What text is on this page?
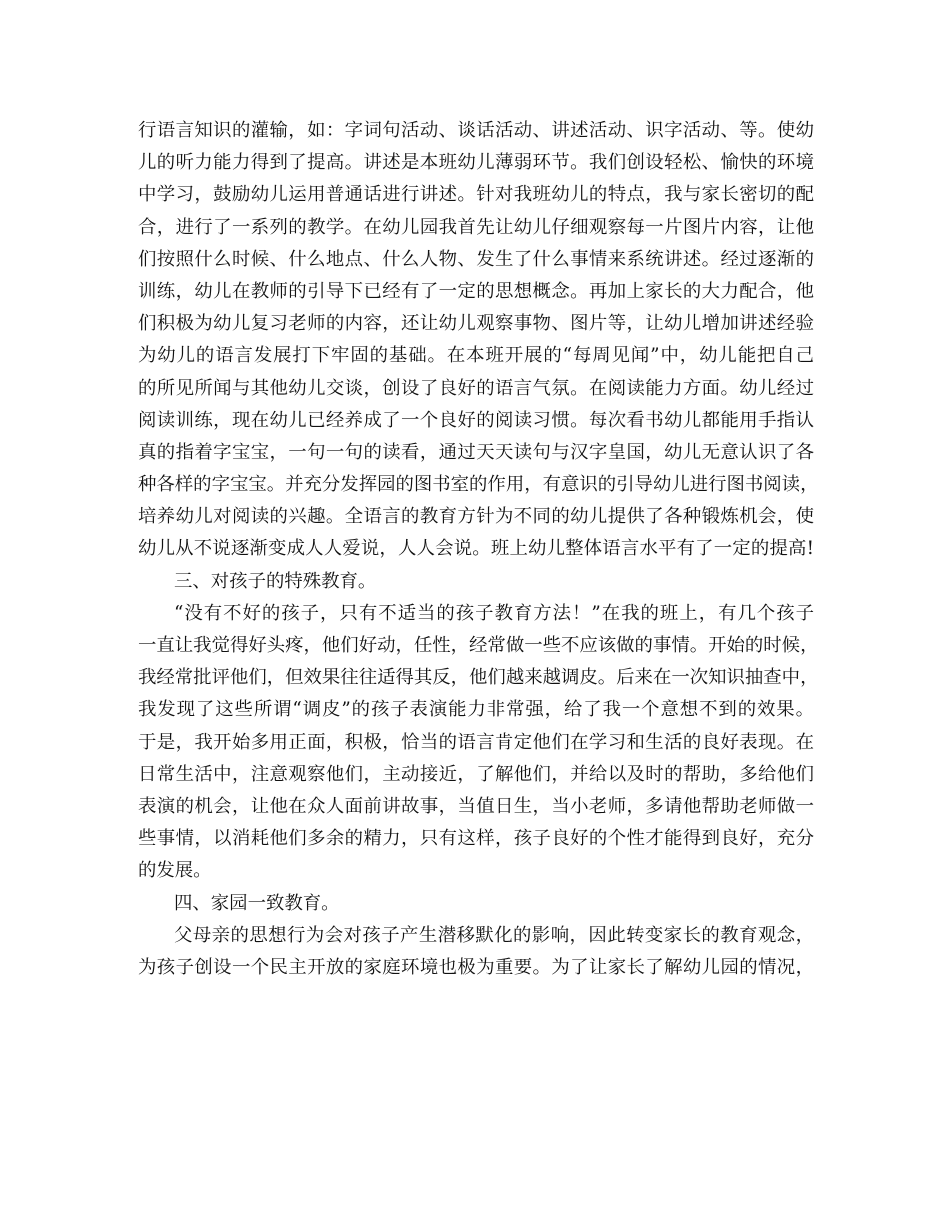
行语言知识的灌输，如：字词句活动、谈话活动、讲述活动、识字活动、等。使幼
儿的听力能力得到了提高。讲述是本班幼儿薄弱环节。我们创设轻松、愉快的环境
中学习，鼓励幼儿运用普通话进行讲述。针对我班幼儿的特点，我与家长密切的配
合，进行了一系列的教学。在幼儿园我首先让幼儿仔细观察每一片图片内容，让他
们按照什么时候、什么地点、什么人物、发生了什么事情来系统讲述。经过逐渐的
训练，幼儿在教师的引导下已经有了一定的思想概念。再加上家长的大力配合，他
们积极为幼儿复习老师的内容，还让幼儿观察事物、图片等，让幼儿增加讲述经验
为幼儿的语言发展打下牢固的基础。在本班开展的“每周见闻”中，幼儿能把自己
的所见所闻与其他幼儿交谈，创设了良好的语言气氛。在阅读能力方面。幼儿经过
阅读训练，现在幼儿已经养成了一个良好的阅读习惯。每次看书幼儿都能用手指认
真的指着字宝宝，一句一句的读看，通过天天读句与汉字皇国，幼儿无意认识了各
种各样的字宝宝。并充分发挥园的图书室的作用，有意识的引导幼儿进行图书阅读，
培养幼儿对阅读的兴趣。全语言的教育方针为不同的幼儿提供了各种锻炼机会，使
幼儿从不说逐渐变成人人爱说，人人会说。班上幼儿整体语言水平有了一定的提高!
三、对孩子的特殊教育。
“没有不好的孩子，只有不适当的孩子教育方法！”在我的班上，有几个孩子
一直让我觉得好头疼，他们好动，任性，经常做一些不应该做的事情。开始的时候，
我经常批评他们，但效果往往适得其反，他们越来越调皮。后来在一次知识抽查中，
我发现了这些所谓“调皮”的孩子表演能力非常强，给了我一个意想不到的效果。
于是，我开始多用正面，积极，恰当的语言肯定他们在学习和生活的良好表现。在
日常生活中，注意观察他们，主动接近，了解他们，并给以及时的帮助，多给他们
表演的机会，让他在众人面前讲故事，当值日生，当小老师，多请他帮助老师做一
些事情，以消耗他们多余的精力，只有这样，孩子良好的个性才能得到良好，充分
的发展。
四、家园一致教育。
父母亲的思想行为会对孩子产生潜移默化的影响，因此转变家长的教育观念，
为孩子创设一个民主开放的家庭环境也极为重要。为了让家长了解幼儿园的情况，
